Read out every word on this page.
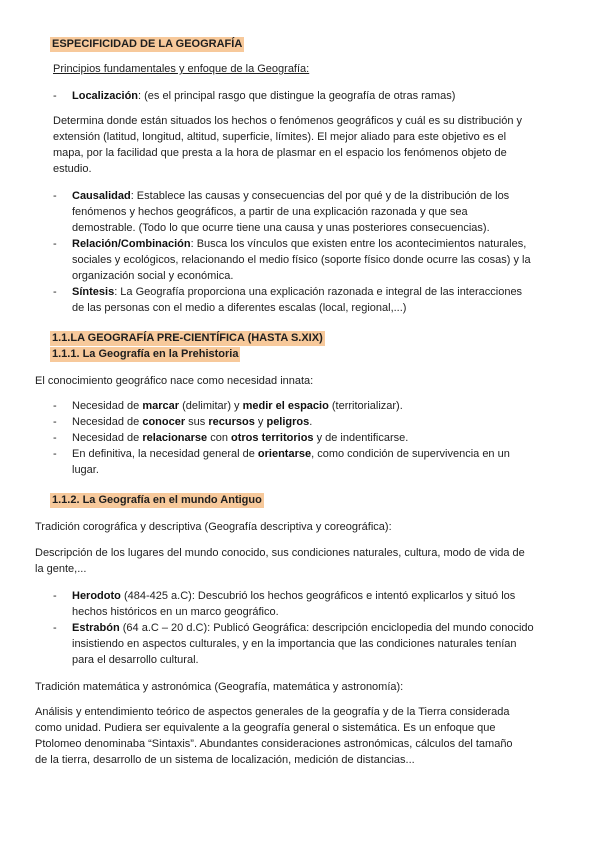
ESPECIFICIDAD DE LA GEOGRAFÍA
Principios fundamentales y enfoque de la Geografía:
- Localización: (es el principal rasgo que distingue la geografía de otras ramas)
Determina donde están situados los hechos o fenómenos geográficos y cuál es su distribución y
extensión (latitud, longitud, altitud, superficie, límites). El mejor aliado para este objetivo es el
mapa, por la facilidad que presta a la hora de plasmar en el espacio los fenómenos objeto de
estudio.
- Causalidad: Establece las causas y consecuencias del por qué y de la distribución de los
fenómenos y hechos geográficos, a partir de una explicación razonada y que sea
demostrable. (Todo lo que ocurre tiene una causa y unas posteriores consecuencias).
- Relación/Combinación: Busca los vínculos que existen entre los acontecimientos naturales,
sociales y ecológicos, relacionando el medio físico (soporte físico donde ocurre las cosas) y la
organización social y económica.
- Síntesis: La Geografía proporciona una explicación razonada e integral de las interacciones
de las personas con el medio a diferentes escalas (local, regional,...)
1.1.LA GEOGRAFÍA PRE-CIENTÍFICA (HASTA S.XIX)
1.1.1. La Geografía en la Prehistoria
El conocimiento geográfico nace como necesidad innata:
- Necesidad de marcar (delimitar) y medir el espacio (territorializar).
- Necesidad de conocer sus recursos y peligros.
- Necesidad de relacionarse con otros territorios y de indentificarse.
- En definitiva, la necesidad general de orientarse, como condición de supervivencia en un
lugar.
1.1.2. La Geografía en el mundo Antiguo
Tradición corográfica y descriptiva (Geografía descriptiva y coreográfica):
Descripción de los lugares del mundo conocido, sus condiciones naturales, cultura, modo de vida de
la gente,...
- Herodoto (484-425 a.C): Descubrió los hechos geográficos e intentó explicarlos y situó los
hechos históricos en un marco geográfico.
- Estrabón (64 a.C – 20 d.C): Publicó Geográfica: descripción enciclopedia del mundo conocido
insistiendo en aspectos culturales, y en la importancia que las condiciones naturales tenían
para el desarrollo cultural.
Tradición matemática y astronómica (Geografía, matemática y astronomía):
Análisis y entendimiento teórico de aspectos generales de la geografía y de la Tierra considerada
como unidad. Pudiera ser equivalente a la geografía general o sistemática. Es un enfoque que
Ptolomeo denominaba “Sintaxis”. Abundantes consideraciones astronómicas, cálculos del tamaño
de la tierra, desarrollo de un sistema de localización, medición de distancias...
